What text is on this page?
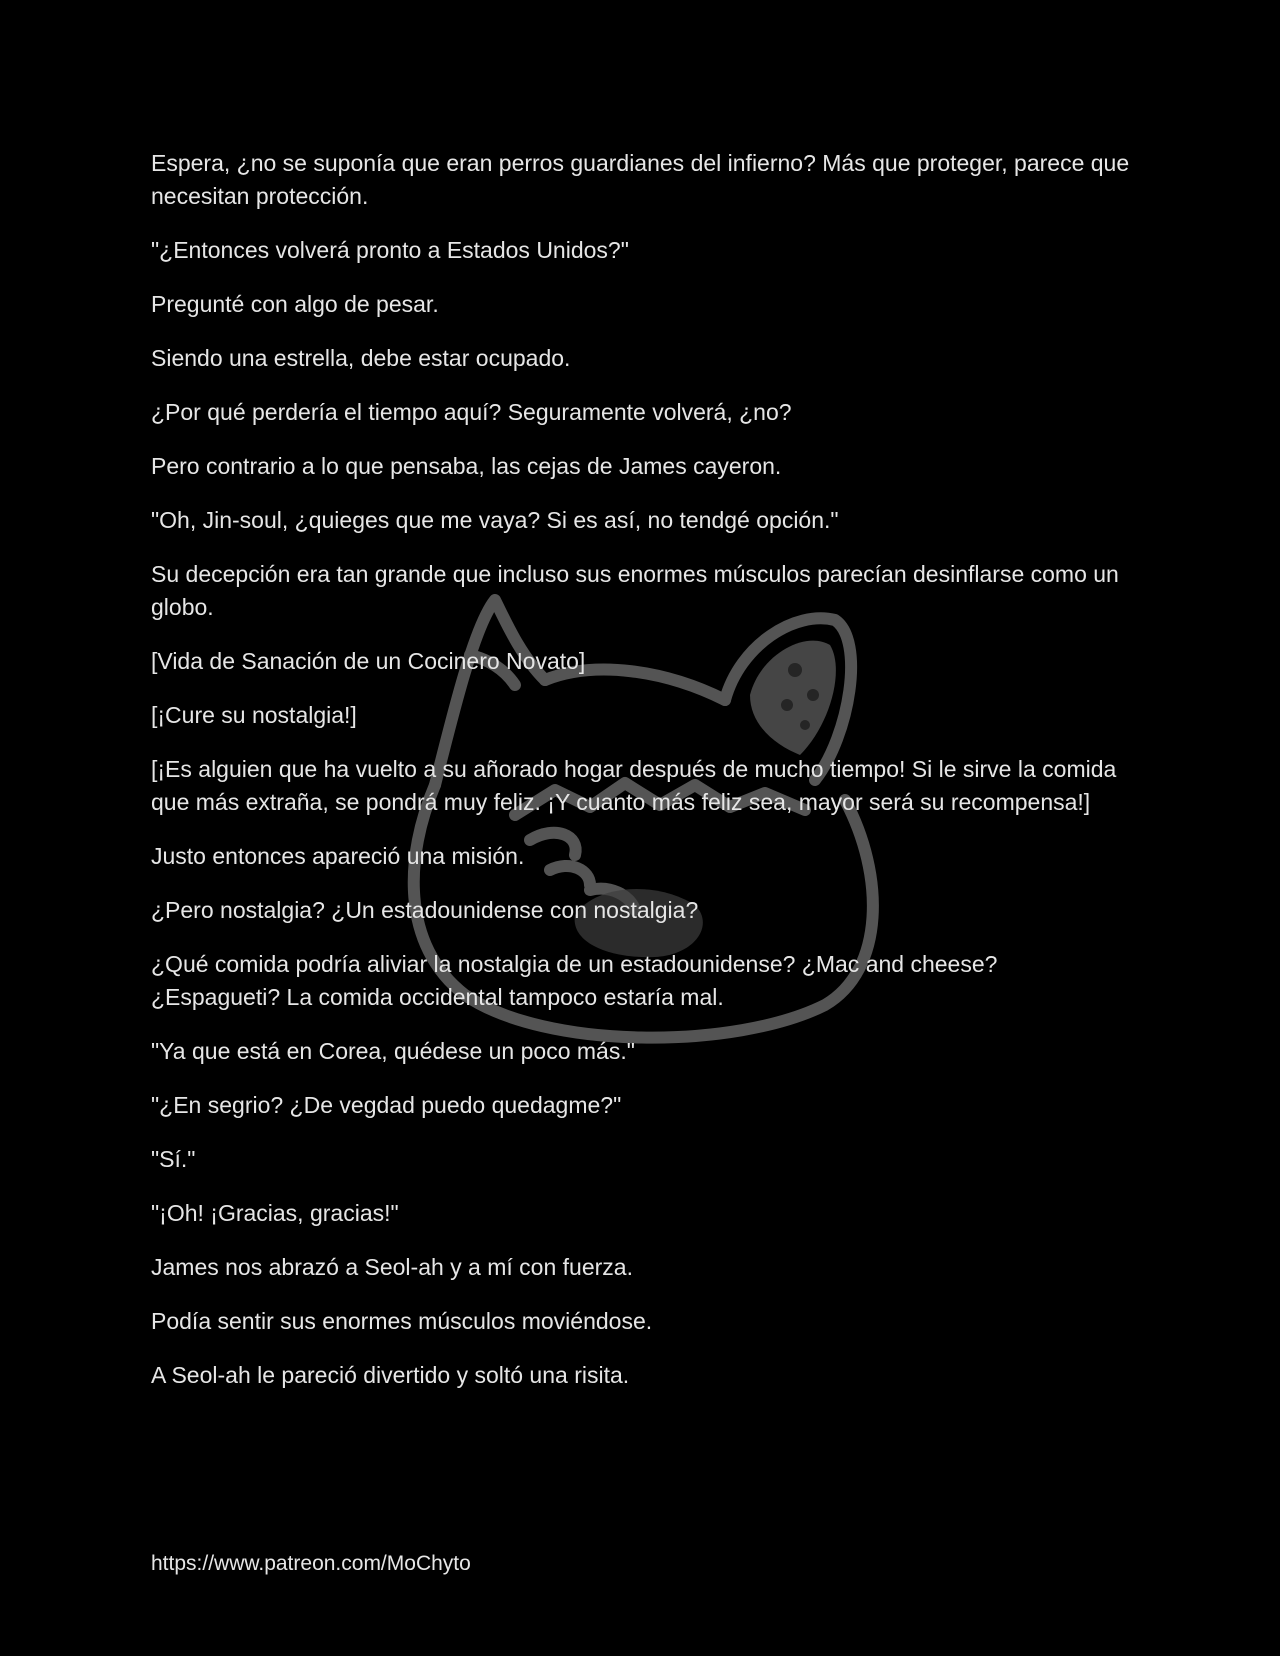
Espera, ¿no se suponía que eran perros guardianes del infierno? Más que proteger, parece que necesitan protección.

"¿Entonces volverá pronto a Estados Unidos?"

Pregunté con algo de pesar.

Siendo una estrella, debe estar ocupado.

¿Por qué perdería el tiempo aquí? Seguramente volverá, ¿no?

Pero contrario a lo que pensaba, las cejas de James cayeron.

"Oh, Jin-soul, ¿quieges que me vaya? Si es así, no tendgé opción."

Su decepción era tan grande que incluso sus enormes músculos parecían desinflarse como un globo.

[Vida de Sanación de un Cocinero Novato]

[¡Cure su nostalgia!]

[¡Es alguien que ha vuelto a su añorado hogar después de mucho tiempo! Si le sirve la comida que más extraña, se pondrá muy feliz. ¡Y cuanto más feliz sea, mayor será su recompensa!]

Justo entonces apareció una misión.

¿Pero nostalgia? ¿Un estadounidense con nostalgia?

¿Qué comida podría aliviar la nostalgia de un estadounidense? ¿Mac and cheese? ¿Espagueti? La comida occidental tampoco estaría mal.

"Ya que está en Corea, quédese un poco más."

"¿En segrio? ¿De vegdad puedo quedagme?"

"Sí."

"¡Oh! ¡Gracias, gracias!"

James nos abrazó a Seol-ah y a mí con fuerza.

Podía sentir sus enormes músculos moviéndose.

A Seol-ah le pareció divertido y soltó una risita.

https://www.patreon.com/MoChyto
